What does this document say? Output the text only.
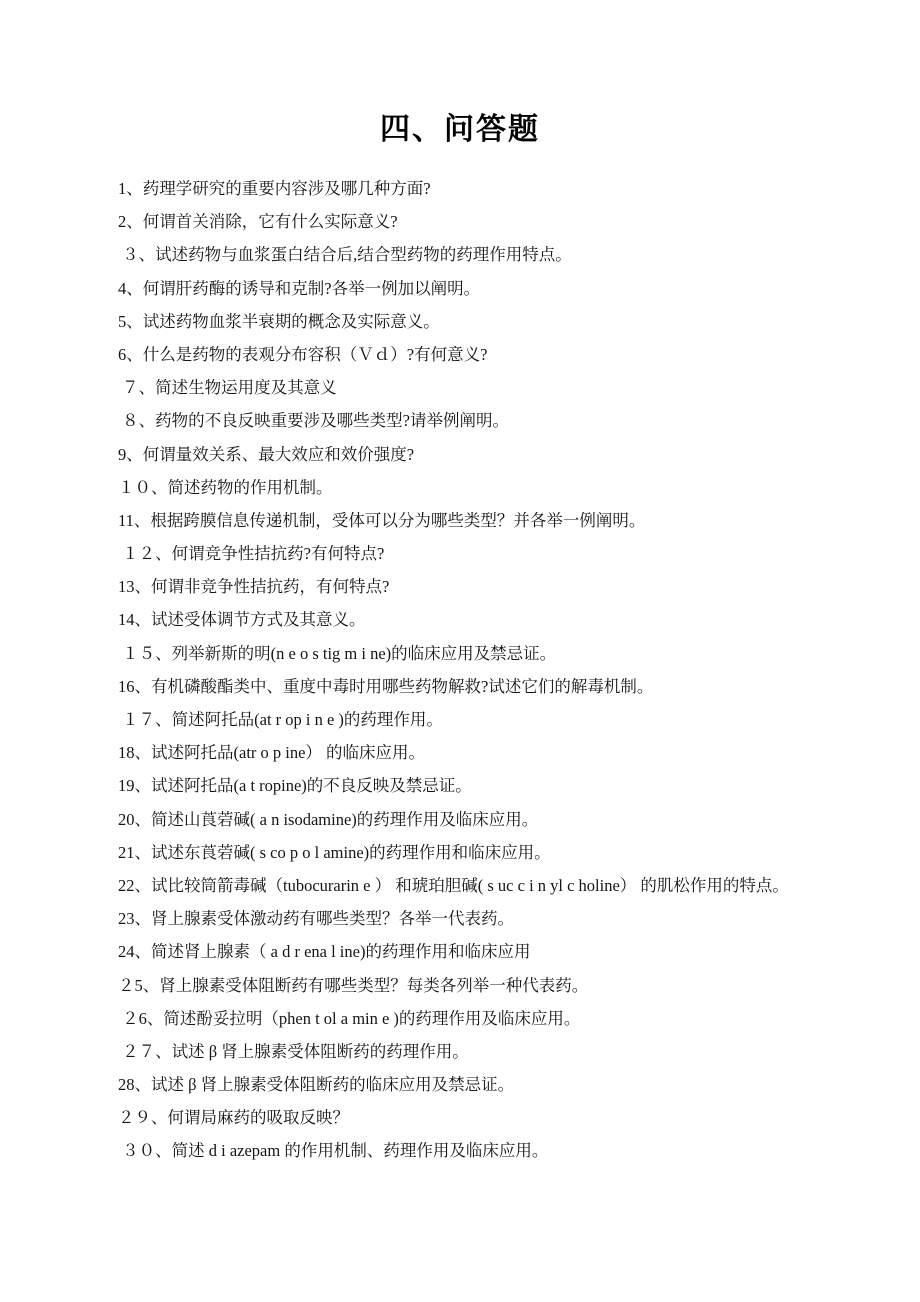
四、问答题
1、药理学研究的重要内容涉及哪几种方面?
2、何谓首关消除，它有什么实际意义?
３、试述药物与血浆蛋白结合后,结合型药物的药理作用特点。
4、何谓肝药酶的诱导和克制?各举一例加以阐明。
5、试述药物血浆半衰期的概念及实际意义。
6、什么是药物的表观分布容积（Ｖｄ）?有何意义?
７、简述生物运用度及其意义
８、药物的不良反映重要涉及哪些类型?请举例阐明。
9、何谓量效关系、最大效应和效价强度?
１０、简述药物的作用机制。
11、根据跨膜信息传递机制，受体可以分为哪些类型？并各举一例阐明。
１２、何谓竞争性拮抗药?有何特点?
13、何谓非竞争性拮抗药，有何特点?
14、试述受体调节方式及其意义。
１５、列举新斯的明(n e o s tig m i ne)的临床应用及禁忌证。
16、有机磷酸酯类中、重度中毒时用哪些药物解救?试述它们的解毒机制。
１７、简述阿托品(at r op i n e )的药理作用。
18、试述阿托品(atr o p ine） 的临床应用。
19、试述阿托品(a t ropine)的不良反映及禁忌证。
20、简述山莨菪碱( a n isodamine)的药理作用及临床应用。
21、试述东莨菪碱( s co p o l amine)的药理作用和临床应用。
22、试比较筒箭毒碱（tubocurarin e ） 和琥珀胆碱( s uc c i n yl c holine） 的肌松作用的特点。
23、肾上腺素受体激动药有哪些类型？各举一代表药。
24、简述肾上腺素（ a d r ena l ine)的药理作用和临床应用
２5、肾上腺素受体阻断药有哪些类型？每类各列举一种代表药。
２6、简述酚妥拉明（phen t ol a min e )的药理作用及临床应用。
２７、试述 β 肾上腺素受体阻断药的药理作用。
28、试述 β 肾上腺素受体阻断药的临床应用及禁忌证。
２９、何谓局麻药的吸取反映？
３０、简述 d i azepam 的作用机制、药理作用及临床应用。
